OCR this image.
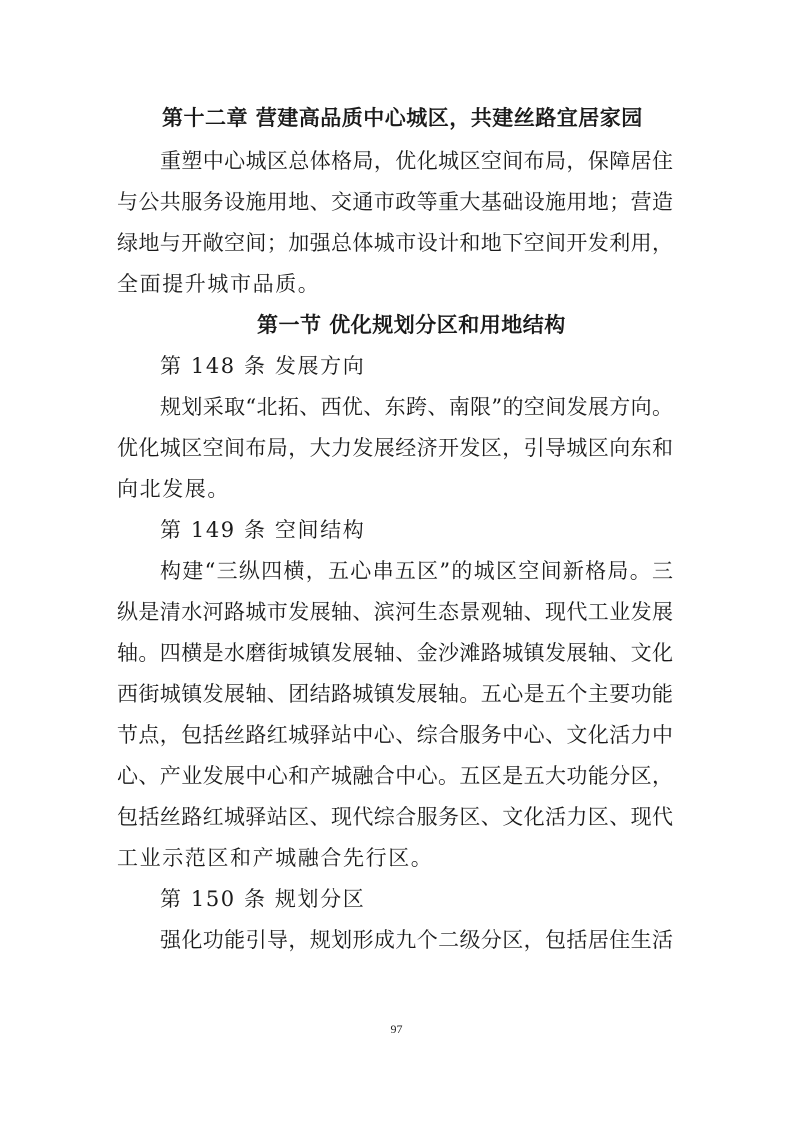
第十二章 营建高品质中心城区，共建丝路宜居家园
重塑中心城区总体格局，优化城区空间布局，保障居住
与公共服务设施用地、交通市政等重大基础设施用地；营造
绿地与开敞空间；加强总体城市设计和地下空间开发利用，
全面提升城市品质。
第一节 优化规划分区和用地结构
第 148 条 发展方向
规划采取“北拓、西优、东跨、南限”的空间发展方向。
优化城区空间布局，大力发展经济开发区，引导城区向东和
向北发展。
第 149 条 空间结构
构建“三纵四横，五心串五区”的城区空间新格局。三
纵是清水河路城市发展轴、滨河生态景观轴、现代工业发展
轴。四横是水磨街城镇发展轴、金沙滩路城镇发展轴、文化
西街城镇发展轴、团结路城镇发展轴。五心是五个主要功能
节点，包括丝路红城驿站中心、综合服务中心、文化活力中
心、产业发展中心和产城融合中心。五区是五大功能分区，
包括丝路红城驿站区、现代综合服务区、文化活力区、现代
工业示范区和产城融合先行区。
第 150 条 规划分区
强化功能引导，规划形成九个二级分区，包括居住生活
97
